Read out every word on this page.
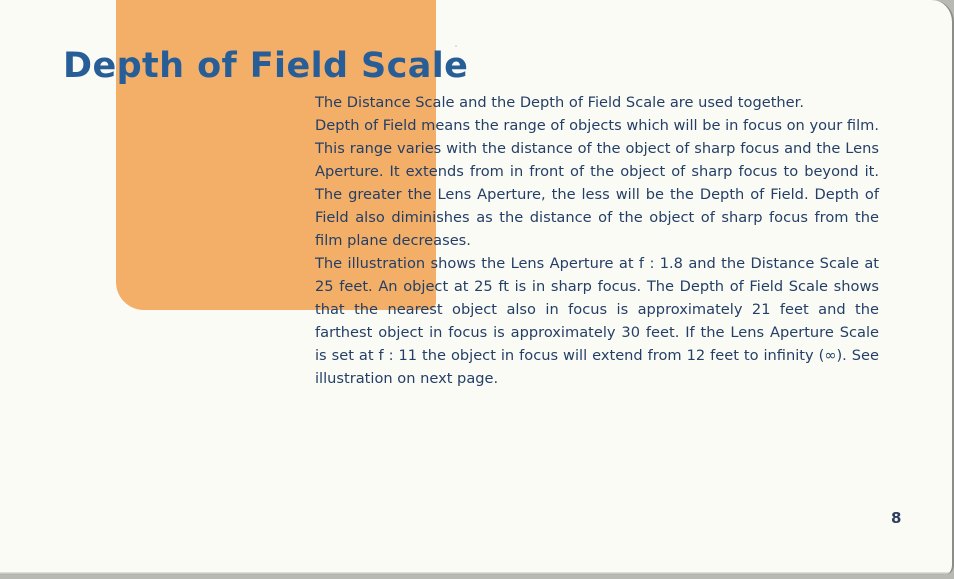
Depth of Field Scale

The Distance Scale and the Depth of Field Scale are used together.

Depth of Field means the range of objects which will be in focus on your film. This range varies with the distance of the object of sharp focus and the Lens Aperture. It extends from in front of the object of sharp focus to beyond it. The greater the Lens Aperture, the less will be the Depth of Field. Depth of Field also diminishes as the distance of the object of sharp focus from the film plane decreases.

The illustration shows the Lens Aperture at f : 1.8 and the Distance Scale at 25 feet. An object at 25 ft is in sharp focus. The Depth of Field Scale shows that the nearest object also in focus is approximately 21 feet and the farthest object in focus is approximately 30 feet. If the Lens Aperture Scale is set at f : 11 the object in focus will extend from 12 feet to infinity (∞). See illustration on next page.

8
